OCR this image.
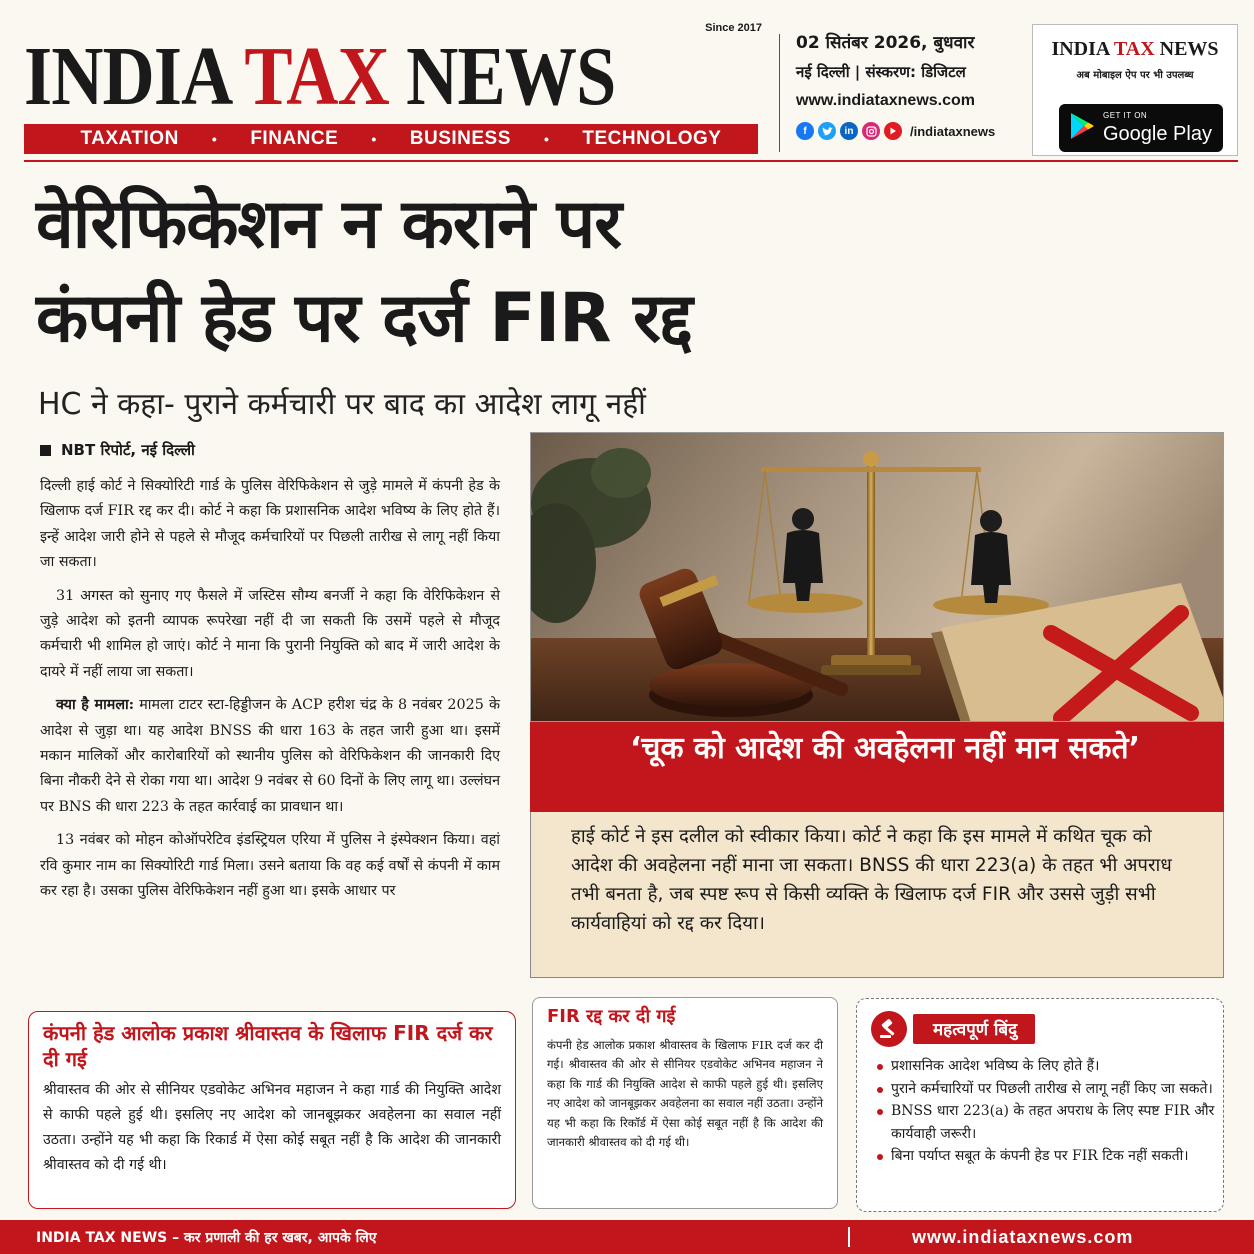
Since 2017
INDIA TAX NEWS
TAXATION • FINANCE • BUSINESS • TECHNOLOGY
02 सितंबर 2026, बुधवार
नई दिल्ली | संस्करण: डिजिटल
www.indiataxnews.com
f	in	/indiataxnews
INDIA TAX NEWS
अब मोबाइल ऐप पर भी उपलब्ध
GET IT ON
Google Play
वेरिफिकेशन न कराने पर
कंपनी हेड पर दर्ज FIR रद्द
HC ने कहा- पुराने कर्मचारी पर बाद का आदेश लागू नहीं
NBT रिपोर्ट, नई दिल्ली

दिल्ली हाई कोर्ट ने सिक्योरिटी गार्ड के पुलिस वेरिफिकेशन से जुड़े मामले में कंपनी हेड के खिलाफ दर्ज FIR रद्द कर दी। कोर्ट ने कहा कि प्रशासनिक आदेश भविष्य के लिए होते हैं। इन्हें आदेश जारी होने से पहले से मौजूद कर्मचारियों पर पिछली तारीख से लागू नहीं किया जा सकता।

31 अगस्त को सुनाए गए फैसले में जस्टिस सौम्य बनर्जी ने कहा कि वेरिफिकेशन से जुड़े आदेश को इतनी व्यापक रूपरेखा नहीं दी जा सकती कि उसमें पहले से मौजूद कर्मचारी भी शामिल हो जाएं। कोर्ट ने माना कि पुरानी नियुक्ति को बाद में जारी आदेश के दायरे में नहीं लाया जा सकता।

क्या है मामला: मामला टाटर स्टा-हिड्डीजन के ACP हरीश चंद्र के 8 नवंबर 2025 के आदेश से जुड़ा था। यह आदेश BNSS की धारा 163 के तहत जारी हुआ था। इसमें मकान मालिकों और कारोबारियों को स्थानीय पुलिस को वेरिफिकेशन की जानकारी दिए बिना नौकरी देने से रोका गया था। आदेश 9 नवंबर से 60 दिनों के लिए लागू था। उल्लंघन पर BNS की धारा 223 के तहत कार्रवाई का प्रावधान था।

13 नवंबर को मोहन कोऑपरेटिव इंडस्ट्रियल एरिया में पुलिस ने इंस्पेक्शन किया। वहां रवि कुमार नाम का सिक्योरिटी गार्ड मिला। उसने बताया कि वह कई वर्षों से कंपनी में काम कर रहा है। उसका पुलिस वेरिफिकेशन नहीं हुआ था। इसके आधार पर

‘चूक को आदेश की अवहेलना नहीं मान सकते’
हाई कोर्ट ने इस दलील को स्वीकार किया। कोर्ट ने कहा कि इस मामले में कथित चूक को आदेश की अवहेलना नहीं माना जा सकता। BNSS की धारा 223(a) के तहत भी अपराध तभी बनता है, जब स्पष्ट रूप से किसी व्यक्ति के खिलाफ दर्ज FIR और उससे जुड़ी सभी कार्यवाहियां को रद्द कर दिया।
कंपनी हेड आलोक प्रकाश श्रीवास्तव के खिलाफ FIR दर्ज कर दी गई
श्रीवास्तव की ओर से सीनियर एडवोकेट अभिनव महाजन ने कहा गार्ड की नियुक्ति आदेश से काफी पहले हुई थी। इसलिए नए आदेश को जानबूझकर अवहेलना का सवाल नहीं उठता। उन्होंने यह भी कहा कि रिकार्ड में ऐसा कोई सबूत नहीं है कि आदेश की जानकारी श्रीवास्तव को दी गई थी।
FIR रद्द कर दी गई
कंपनी हेड आलोक प्रकाश श्रीवास्तव के खिलाफ FIR दर्ज कर दी गई। श्रीवास्तव की ओर से सीनियर एडवोकेट अभिनव महाजन ने कहा कि गार्ड की नियुक्ति आदेश से काफी पहले हुई थी। इसलिए नए आदेश को जानबूझकर अवहेलना का सवाल नहीं उठता। उन्होंने यह भी कहा कि रिकॉर्ड में ऐसा कोई सबूत नहीं है कि आदेश की जानकारी श्रीवास्तव को दी गई थी।
महत्वपूर्ण बिंदु
प्रशासनिक आदेश भविष्य के लिए होते हैं।
पुराने कर्मचारियों पर पिछली तारीख से लागू नहीं किए जा सकते।
BNSS धारा 223(a) के तहत अपराध के लिए स्पष्ट FIR और कार्यवाही जरूरी।
बिना पर्याप्त सबूत के कंपनी हेड पर FIR टिक नहीं सकती।
INDIA TAX NEWS – कर प्रणाली की हर खबर, आपके लिए	www.indiataxnews.com
